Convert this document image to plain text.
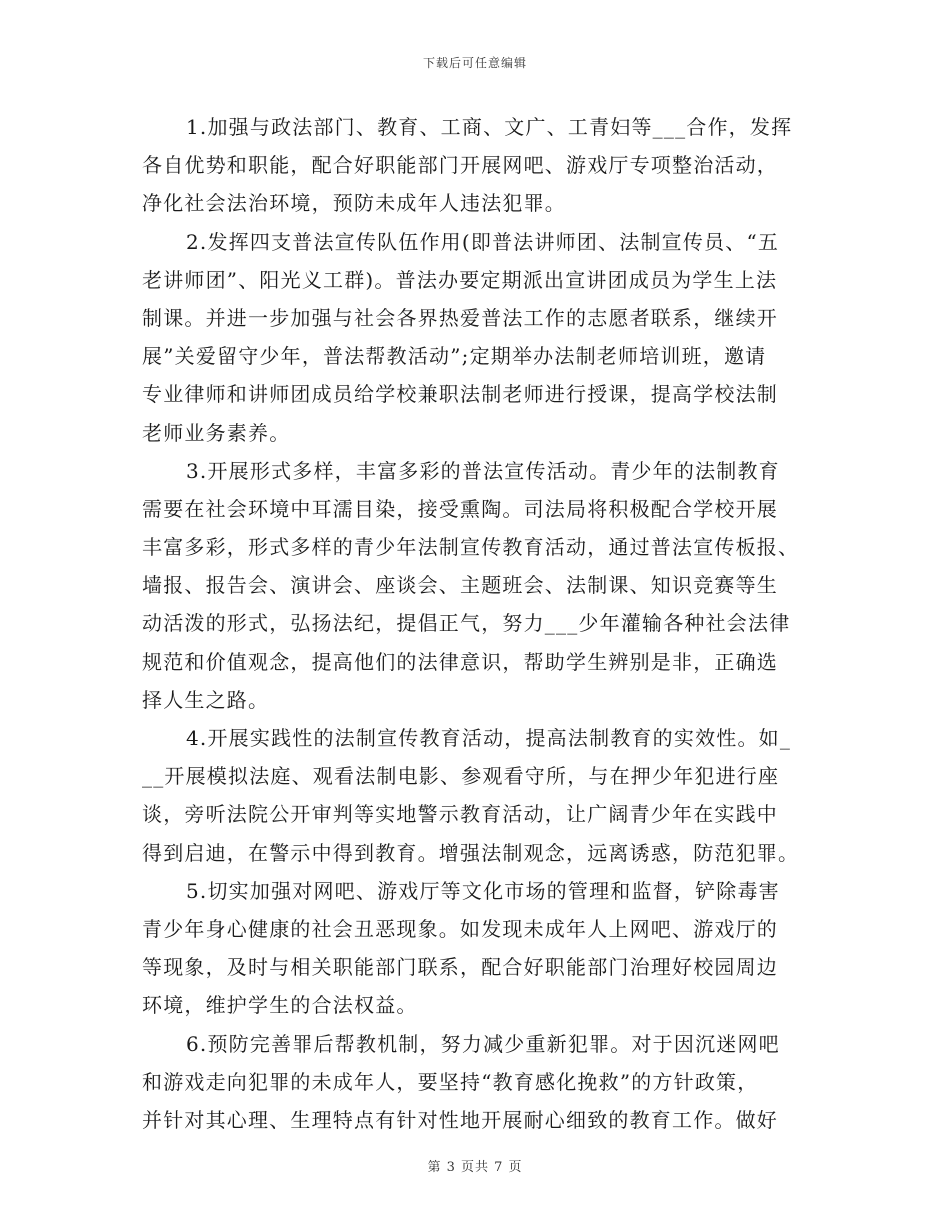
下载后可任意编辑
1.加强与政法部门、教育、工商、文广、工青妇等___合作，发挥
各自优势和职能，配合好职能部门开展网吧、游戏厅专项整治活动，
净化社会法治环境，预防未成年人违法犯罪。
2.发挥四支普法宣传队伍作用(即普法讲师团、法制宣传员、“五
老讲师团”、阳光义工群)。普法办要定期派出宣讲团成员为学生上法
制课。并进一步加强与社会各界热爱普法工作的志愿者联系，继续开
展”关爱留守少年，普法帮教活动”;定期举办法制老师培训班，邀请
专业律师和讲师团成员给学校兼职法制老师进行授课，提高学校法制
老师业务素养。
3.开展形式多样，丰富多彩的普法宣传活动。青少年的法制教育
需要在社会环境中耳濡目染，接受熏陶。司法局将积极配合学校开展
丰富多彩，形式多样的青少年法制宣传教育活动，通过普法宣传板报、
墙报、报告会、演讲会、座谈会、主题班会、法制课、知识竞赛等生
动活泼的形式，弘扬法纪，提倡正气，努力___少年灌输各种社会法律
规范和价值观念，提高他们的法律意识，帮助学生辨别是非，正确选
择人生之路。
4.开展实践性的法制宣传教育活动，提高法制教育的实效性。如_
__开展模拟法庭、观看法制电影、参观看守所，与在押少年犯进行座
谈，旁听法院公开审判等实地警示教育活动，让广阔青少年在实践中
得到启迪，在警示中得到教育。增强法制观念，远离诱惑，防范犯罪。
5.切实加强对网吧、游戏厅等文化市场的管理和监督，铲除毒害
青少年身心健康的社会丑恶现象。如发现未成年人上网吧、游戏厅的
等现象，及时与相关职能部门联系，配合好职能部门治理好校园周边
环境，维护学生的合法权益。
6.预防完善罪后帮教机制，努力减少重新犯罪。对于因沉迷网吧
和游戏走向犯罪的未成年人，要坚持“教育感化挽救”的方针政策，
并针对其心理、生理特点有针对性地开展耐心细致的教育工作。做好
第 3 页共 7 页
